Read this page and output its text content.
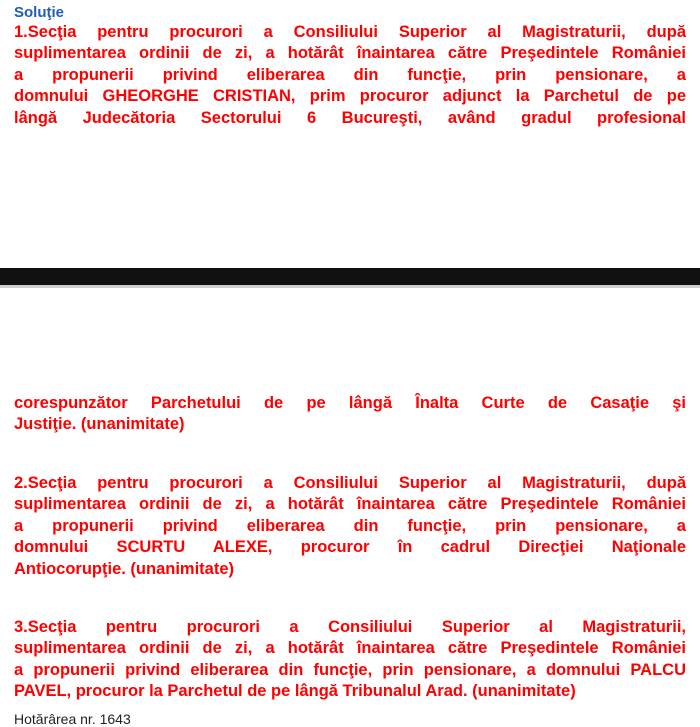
Soluţie
1.Secţia pentru procurori a Consiliului Superior al Magistraturii, după
suplimentarea ordinii de zi, a hotărât înaintarea către Preşedintele României
a propunerii privind eliberarea din funcţie, prin pensionare, a
domnului GHEORGHE CRISTIAN, prim procuror adjunct la Parchetul de pe
lângă Judecătoria Sectorului 6 Bucureşti, având gradul profesional
corespunzător Parchetului de pe lângă Înalta Curte de Casaţie şi
Justiţie. (unanimitate)
2.Secţia pentru procurori a Consiliului Superior al Magistraturii, după
suplimentarea ordinii de zi, a hotărât înaintarea către Preşedintele României
a propunerii privind eliberarea din funcţie, prin pensionare, a
domnului SCURTU ALEXE, procuror în cadrul Direcţiei Naţionale
Antiocorupţie. (unanimitate)
3.Secţia pentru procurori a Consiliului Superior al Magistraturii,
suplimentarea ordinii de zi, a hotărât înaintarea către Preşedintele României
a propunerii privind eliberarea din funcţie, prin pensionare, a domnului PALCU
PAVEL, procuror la Parchetul de pe lângă Tribunalul Arad. (unanimitate)

Hotărârea nr. 1643
